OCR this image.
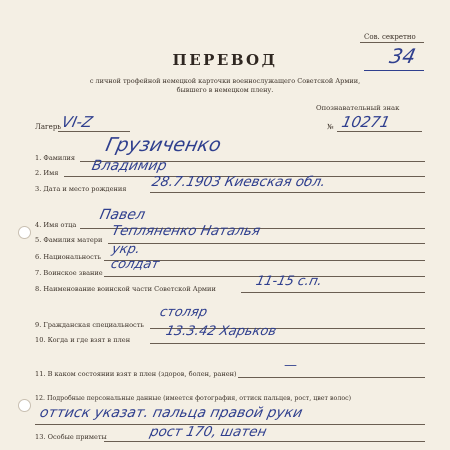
Сов. секретно
34
ПЕРЕВОД
с личной трофейной немецкой карточки военнослужащего Советской Армии,
бывшего в немецком плену.
Лагерь
VI-Z
Опознавательный знак
№ 10271
1. Фамилия
Грузиченко
2. Имя Владимир
3. Дата и место рождения 28.7.1903 Киевская обл.
4. Имя отца
Павел
5. Фамилия матери
Тепляненко Наталья
6. Национальность укр.
7. Воинское звание
солдат
8. Наименование воинской части Советской Армии	11-15 с.п.
9. Гражданская специальность
столяр
10. Когда и где взят в плен
13.3.42 Харьков
11. В каком состоянии взят в плен (здоров, болен, ранен)
—
12. Подробные персональные данные (имеется фотография, оттиск пальцев, рост, цвет волос)
оттиск указат. пальца правой руки
13. Особые приметы	рост 170, шатен
